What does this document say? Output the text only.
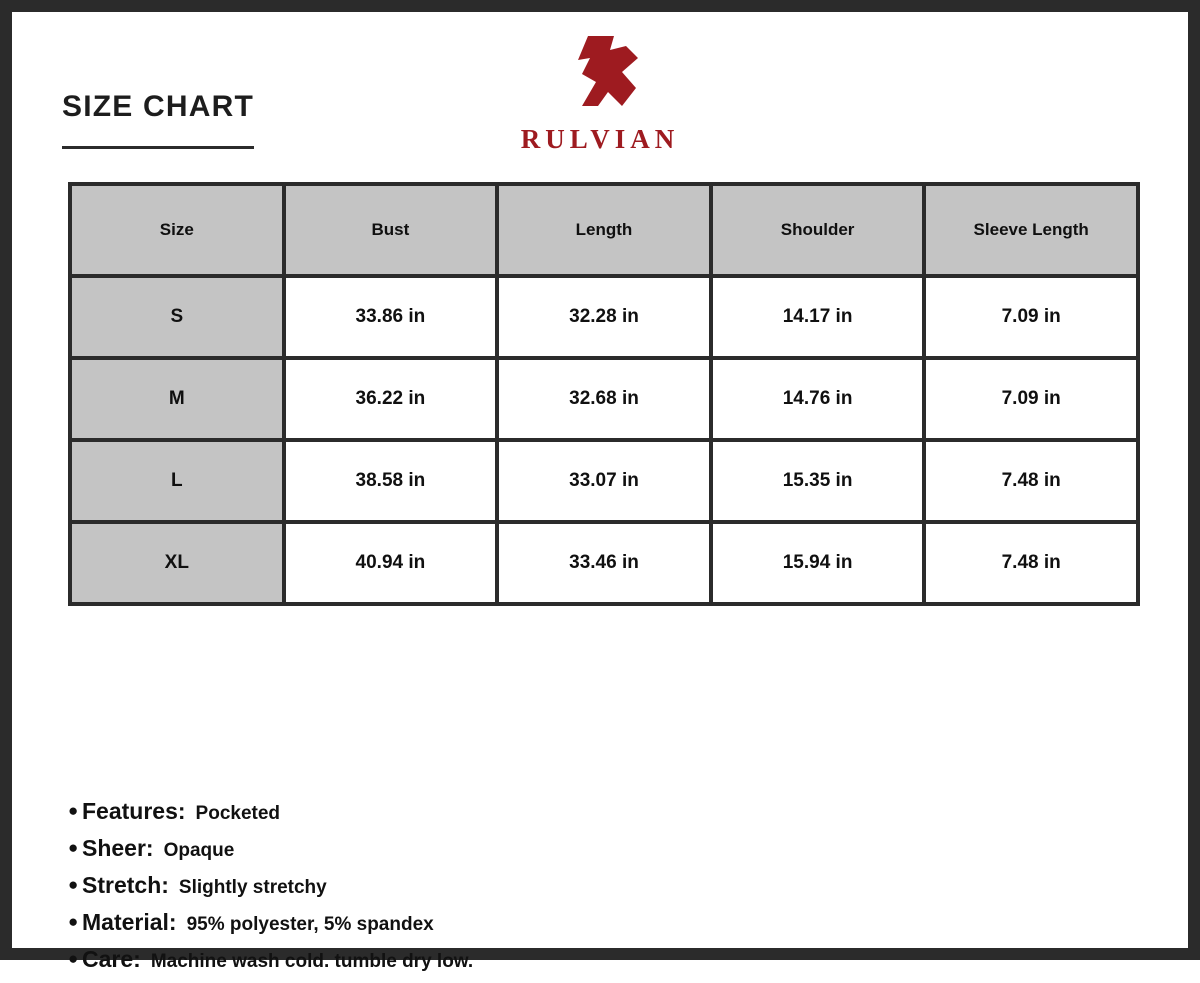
SIZE CHART
RULVIAN
Size	Bust	Length	Shoulder	Sleeve Length
S	33.86 in	32.28 in	14.17 in	7.09 in
M	36.22 in	32.68 in	14.76 in	7.09 in
L	38.58 in	33.07 in	15.35 in	7.48 in
XL	40.94 in	33.46 in	15.94 in	7.48 in
● Features: Pocketed
● Sheer: Opaque
● Stretch: Slightly stretchy
● Material: 95% polyester, 5% spandex
● Care: Machine wash cold. tumble dry low.
